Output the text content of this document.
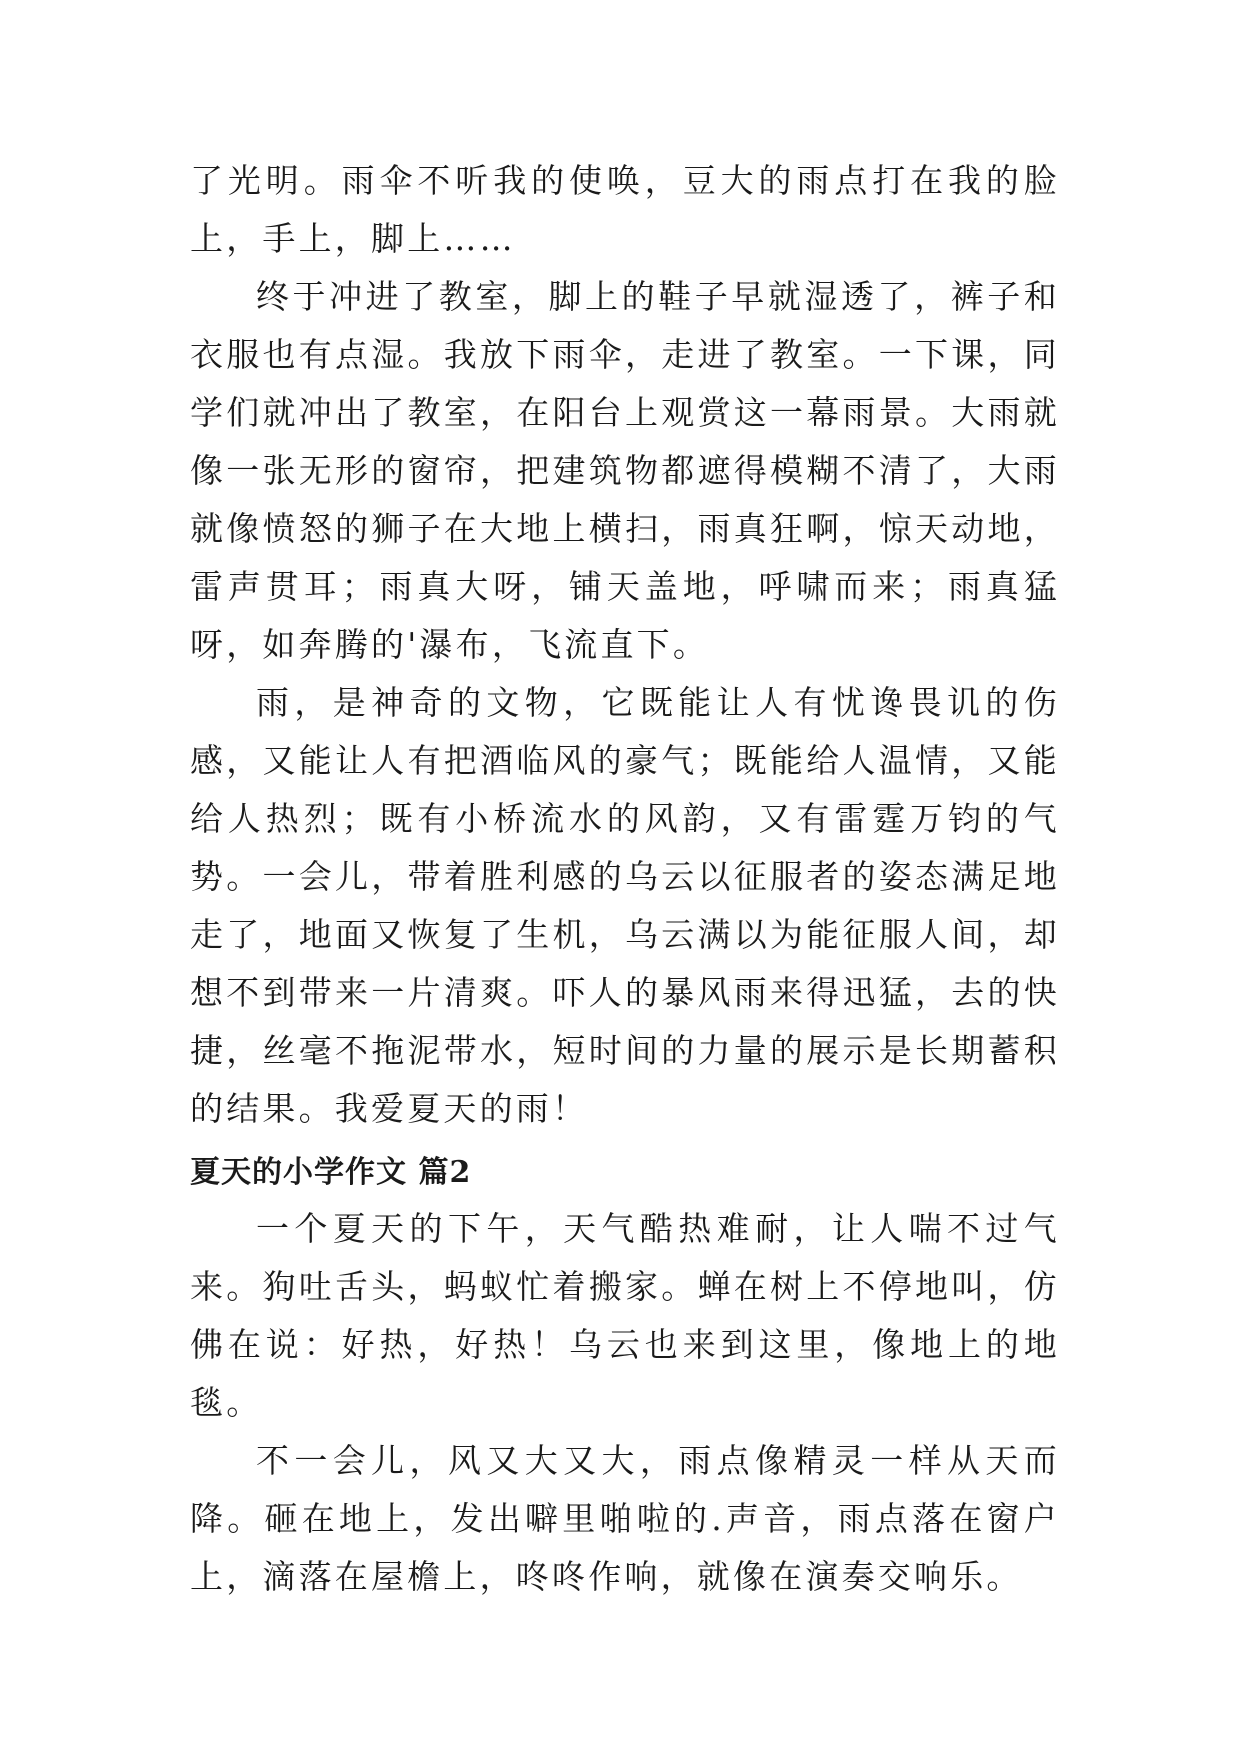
了光明。雨伞不听我的使唤，豆大的雨点打在我的脸上，手上，脚上……

终于冲进了教室，脚上的鞋子早就湿透了，裤子和衣服也有点湿。我放下雨伞，走进了教室。一下课，同学们就冲出了教室，在阳台上观赏这一幕雨景。大雨就像一张无形的窗帘，把建筑物都遮得模糊不清了，大雨就像愤怒的狮子在大地上横扫，雨真狂啊，惊天动地，雷声贯耳；雨真大呀，铺天盖地，呼啸而来；雨真猛呀，如奔腾的'瀑布，飞流直下。

雨，是神奇的文物，它既能让人有忧谗畏讥的伤感，又能让人有把酒临风的豪气；既能给人温情，又能给人热烈；既有小桥流水的风韵，又有雷霆万钧的气势。一会儿，带着胜利感的乌云以征服者的姿态满足地走了，地面又恢复了生机，乌云满以为能征服人间，却想不到带来一片清爽。吓人的暴风雨来得迅猛，去的快捷，丝毫不拖泥带水，短时间的力量的展示是长期蓄积的结果。我爱夏天的雨！

夏天的小学作文 篇2

一个夏天的下午，天气酷热难耐，让人喘不过气来。狗吐舌头，蚂蚁忙着搬家。蝉在树上不停地叫，仿佛在说：好热，好热！乌云也来到这里，像地上的地毯。

不一会儿，风又大又大，雨点像精灵一样从天而降。砸在地上，发出噼里啪啦的.声音，雨点落在窗户上，滴落在屋檐上，咚咚作响，就像在演奏交响乐。
